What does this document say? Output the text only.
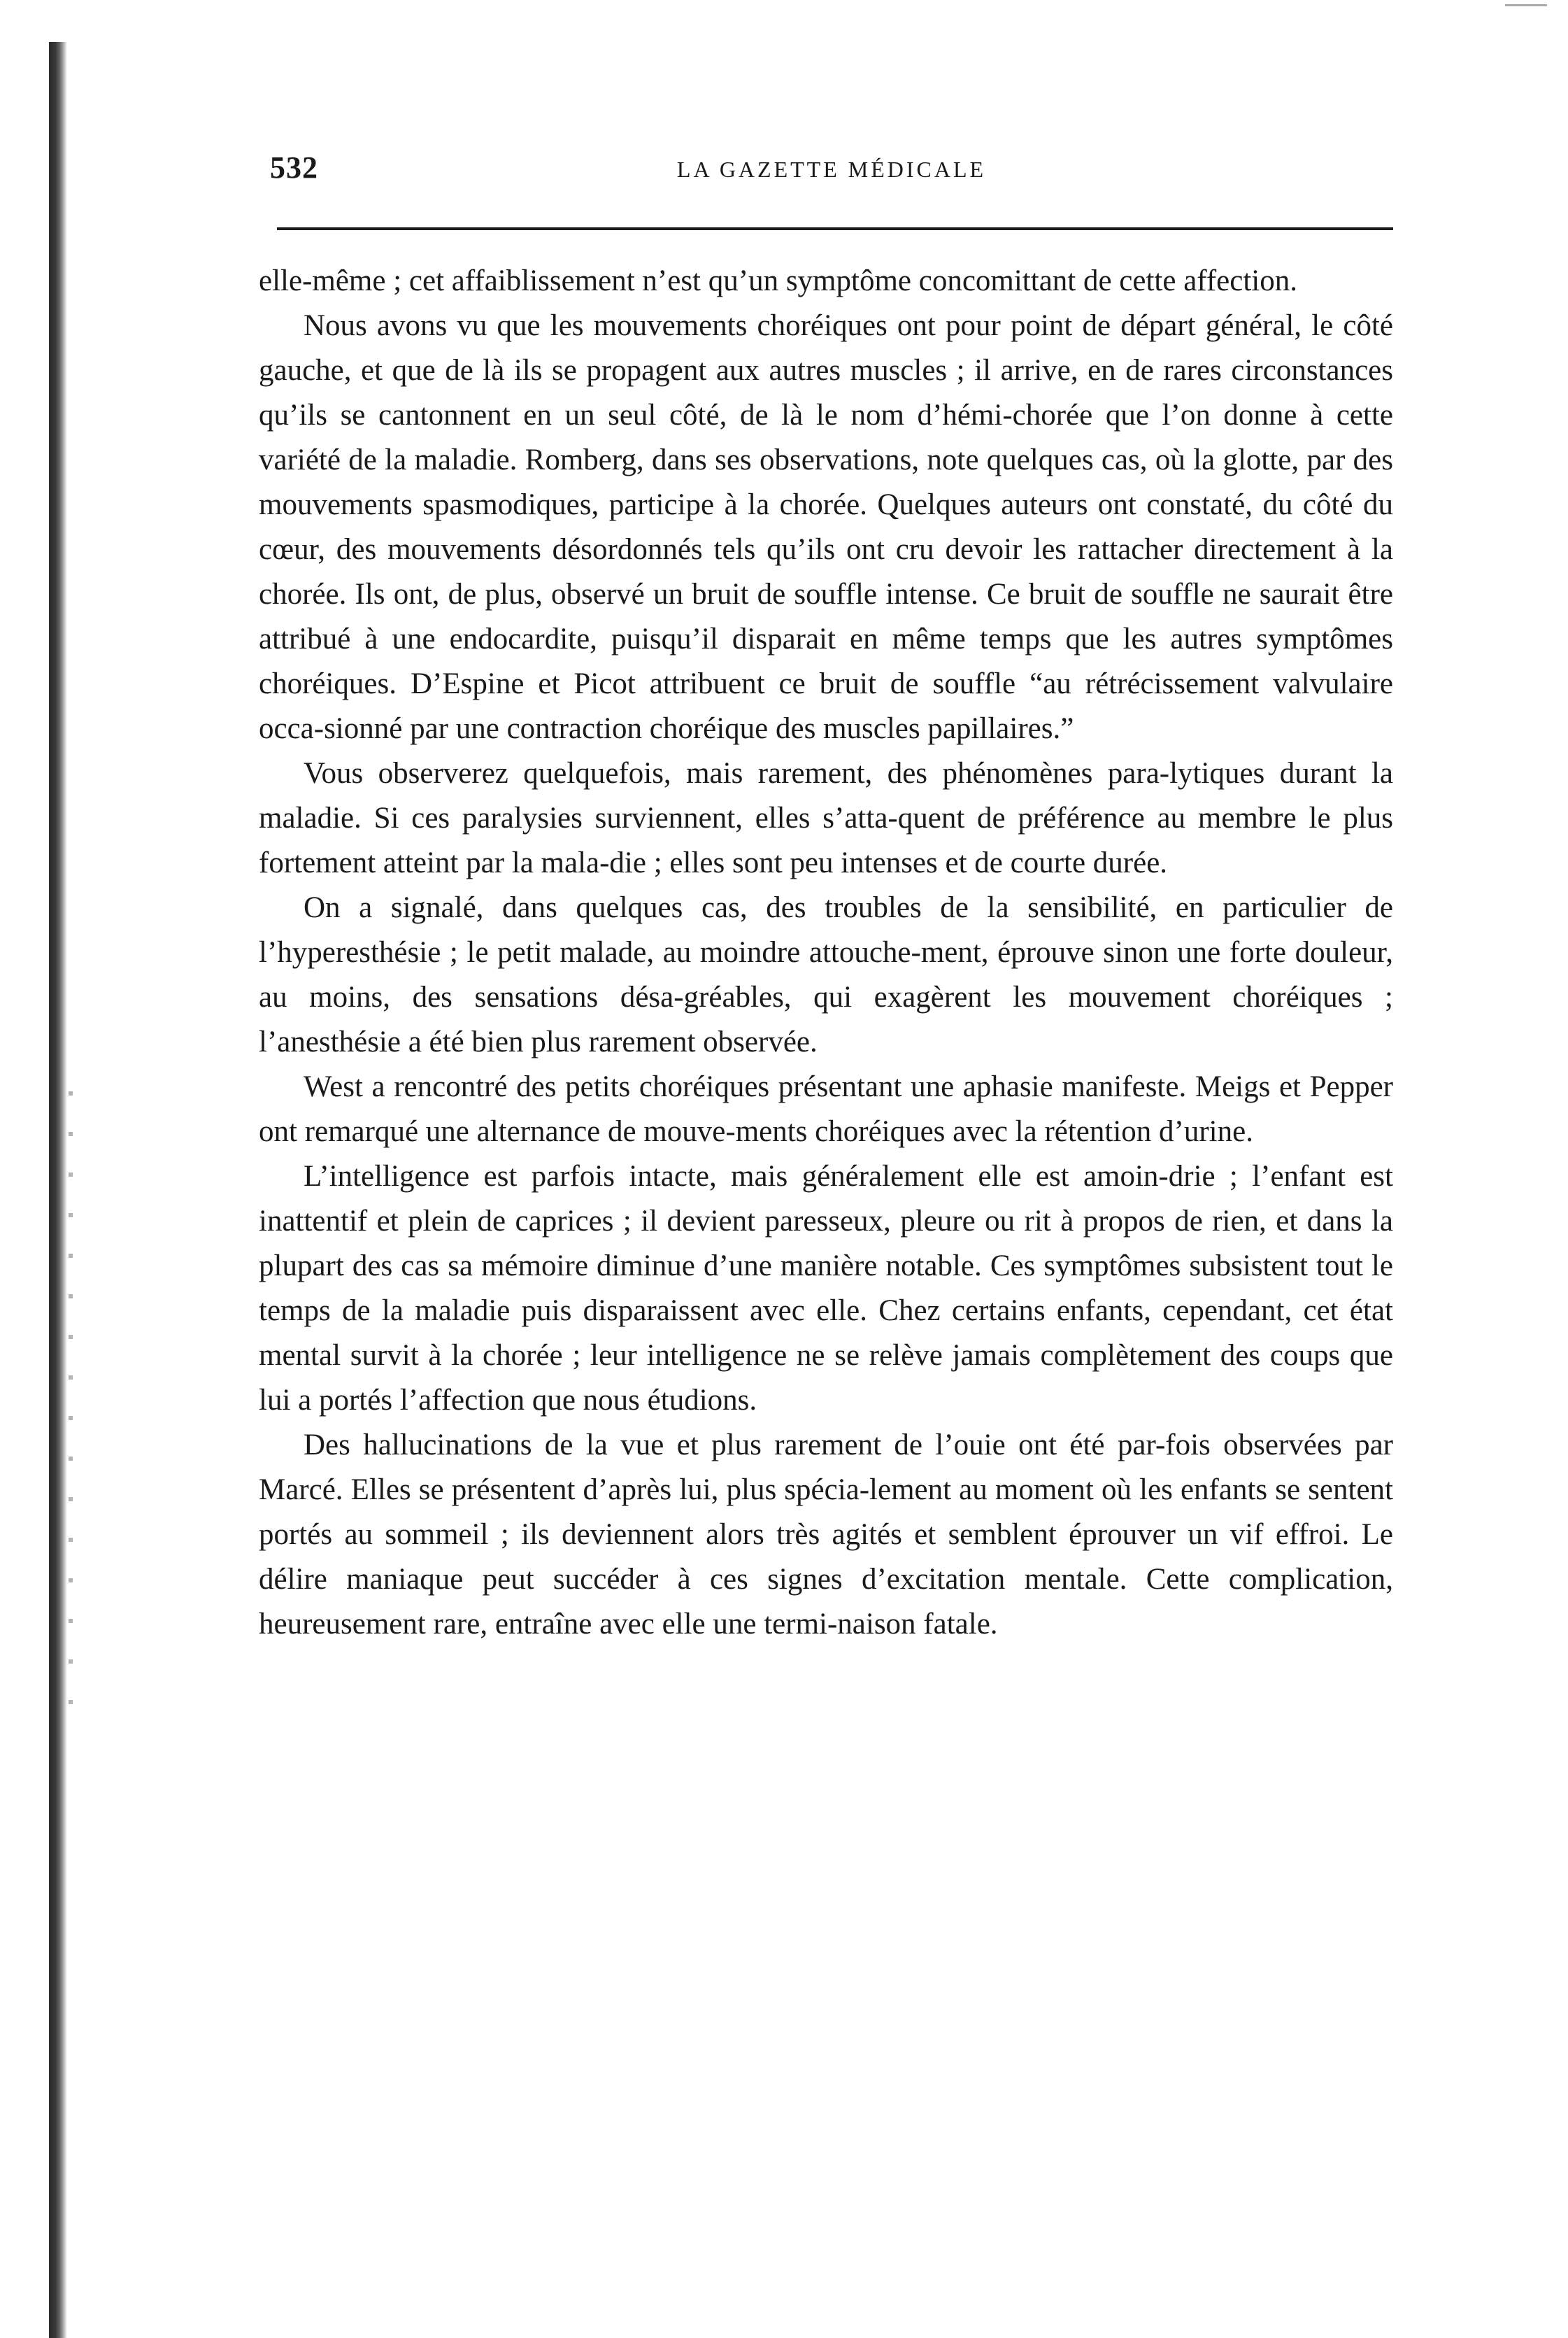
532	LA GAZETTE MÉDICALE

elle-même ; cet affaiblissement n’est qu’un symptôme concomittant de cette affection.

Nous avons vu que les mouvements choréiques ont pour point de départ général, le côté gauche, et que de là ils se propagent aux autres muscles ; il arrive, en de rares circonstances qu’ils se cantonnent en un seul côté, de là le nom d’hémi-chorée que l’on donne à cette variété de la maladie. Romberg, dans ses observations, note quelques cas, où la glotte, par des mouvements spasmodiques, participe à la chorée. Quelques auteurs ont constaté, du côté du cœur, des mouvements désordonnés tels qu’ils ont cru devoir les rattacher directement à la chorée. Ils ont, de plus, observé un bruit de souffle intense. Ce bruit de souffle ne saurait être attribué à une endocardite, puisqu’il disparait en même temps que les autres symptômes choréiques. D’Espine et Picot attribuent ce bruit de souffle “au rétrécissement valvulaire occa-sionné par une contraction choréique des muscles papillaires.”

Vous observerez quelquefois, mais rarement, des phénomènes para-lytiques durant la maladie. Si ces paralysies surviennent, elles s’atta-quent de préférence au membre le plus fortement atteint par la mala-die ; elles sont peu intenses et de courte durée.

On a signalé, dans quelques cas, des troubles de la sensibilité, en particulier de l’hyperesthésie ; le petit malade, au moindre attouche-ment, éprouve sinon une forte douleur, au moins, des sensations désa-gréables, qui exagèrent les mouvement choréiques ; l’anesthésie a été bien plus rarement observée.

West a rencontré des petits choréiques présentant une aphasie manifeste. Meigs et Pepper ont remarqué une alternance de mouve-ments choréiques avec la rétention d’urine.

L’intelligence est parfois intacte, mais généralement elle est amoin-drie ; l’enfant est inattentif et plein de caprices ; il devient paresseux, pleure ou rit à propos de rien, et dans la plupart des cas sa mémoire diminue d’une manière notable. Ces symptômes subsistent tout le temps de la maladie puis disparaissent avec elle. Chez certains enfants, cependant, cet état mental survit à la chorée ; leur intelligence ne se relève jamais complètement des coups que lui a portés l’affection que nous étudions.

Des hallucinations de la vue et plus rarement de l’ouie ont été par-fois observées par Marcé. Elles se présentent d’après lui, plus spécia-lement au moment où les enfants se sentent portés au sommeil ; ils deviennent alors très agités et semblent éprouver un vif effroi. Le délire maniaque peut succéder à ces signes d’excitation mentale. Cette complication, heureusement rare, entraîne avec elle une termi-naison fatale.
